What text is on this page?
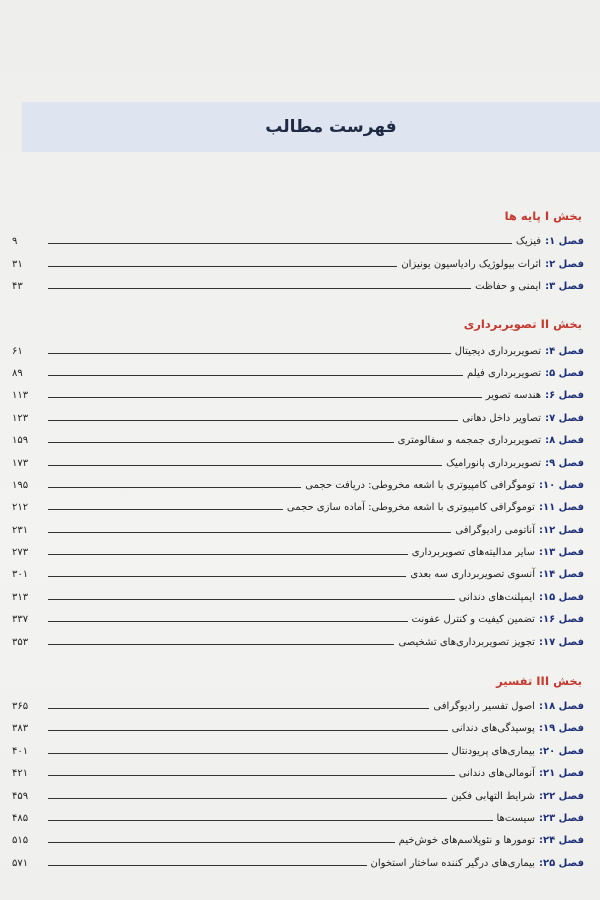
فهرست مطالب
بخش I پایه ها
فصل ۱:
فیزیک
۹
فصل ۲:
اثرات بیولوژیک رادیاسیون یونیزان
۳۱
فصل ۳:
ایمنی و حفاظت
۴۳
بخش II تصویربرداری
فصل ۴:
تصویربرداری دیجیتال
۶۱
فصل ۵:
تصویربرداری فیلم
۸۹
فصل ۶:
هندسه تصویر
۱۱۳
فصل ۷:
تصاویر داخل دهانی
۱۲۳
فصل ۸:
تصویربرداری جمجمه و سفالومتری
۱۵۹
فصل ۹:
تصویربرداری پانورامیک
۱۷۳
فصل ۱۰:
توموگرافی کامپیوتری با اشعه مخروطی: دریافت حجمی
۱۹۵
فصل ۱۱:
توموگرافی کامپیوتری با اشعه مخروطی: آماده سازی حجمی
۲۱۲
فصل ۱۲:
آناتومی رادیوگرافی
۲۳۱
فصل ۱۳:
سایر مدالیته‌های تصویربرداری
۲۷۳
فصل ۱۴:
آنسوی تصویربرداری سه بعدی
۳۰۱
فصل ۱۵:
ایمپلنت‌های دندانی
۳۱۳
فصل ۱۶:
تضمین کیفیت و کنترل عفونت
۳۳۷
فصل ۱۷:
تجویز تصویربرداری‌های تشخیصی
۳۵۳
بخش III تفسیر
فصل ۱۸:
اصول تفسیر رادیوگرافی
۳۶۵
فصل ۱۹:
پوسیدگی‌های دندانی
۳۸۳
فصل ۲۰:
بیماری‌های پریودنتال
۴۰۱
فصل ۲۱:
آنومالی‌های دندانی
۴۲۱
فصل ۲۲:
شرایط التهابی فکین
۴۵۹
فصل ۲۳:
سیست‌ها
۴۸۵
فصل ۲۴:
تومورها و نئوپلاسم‌های خوش‌خیم
۵۱۵
فصل ۲۵:
بیماری‌های درگیر کننده ساختار استخوان
۵۷۱
